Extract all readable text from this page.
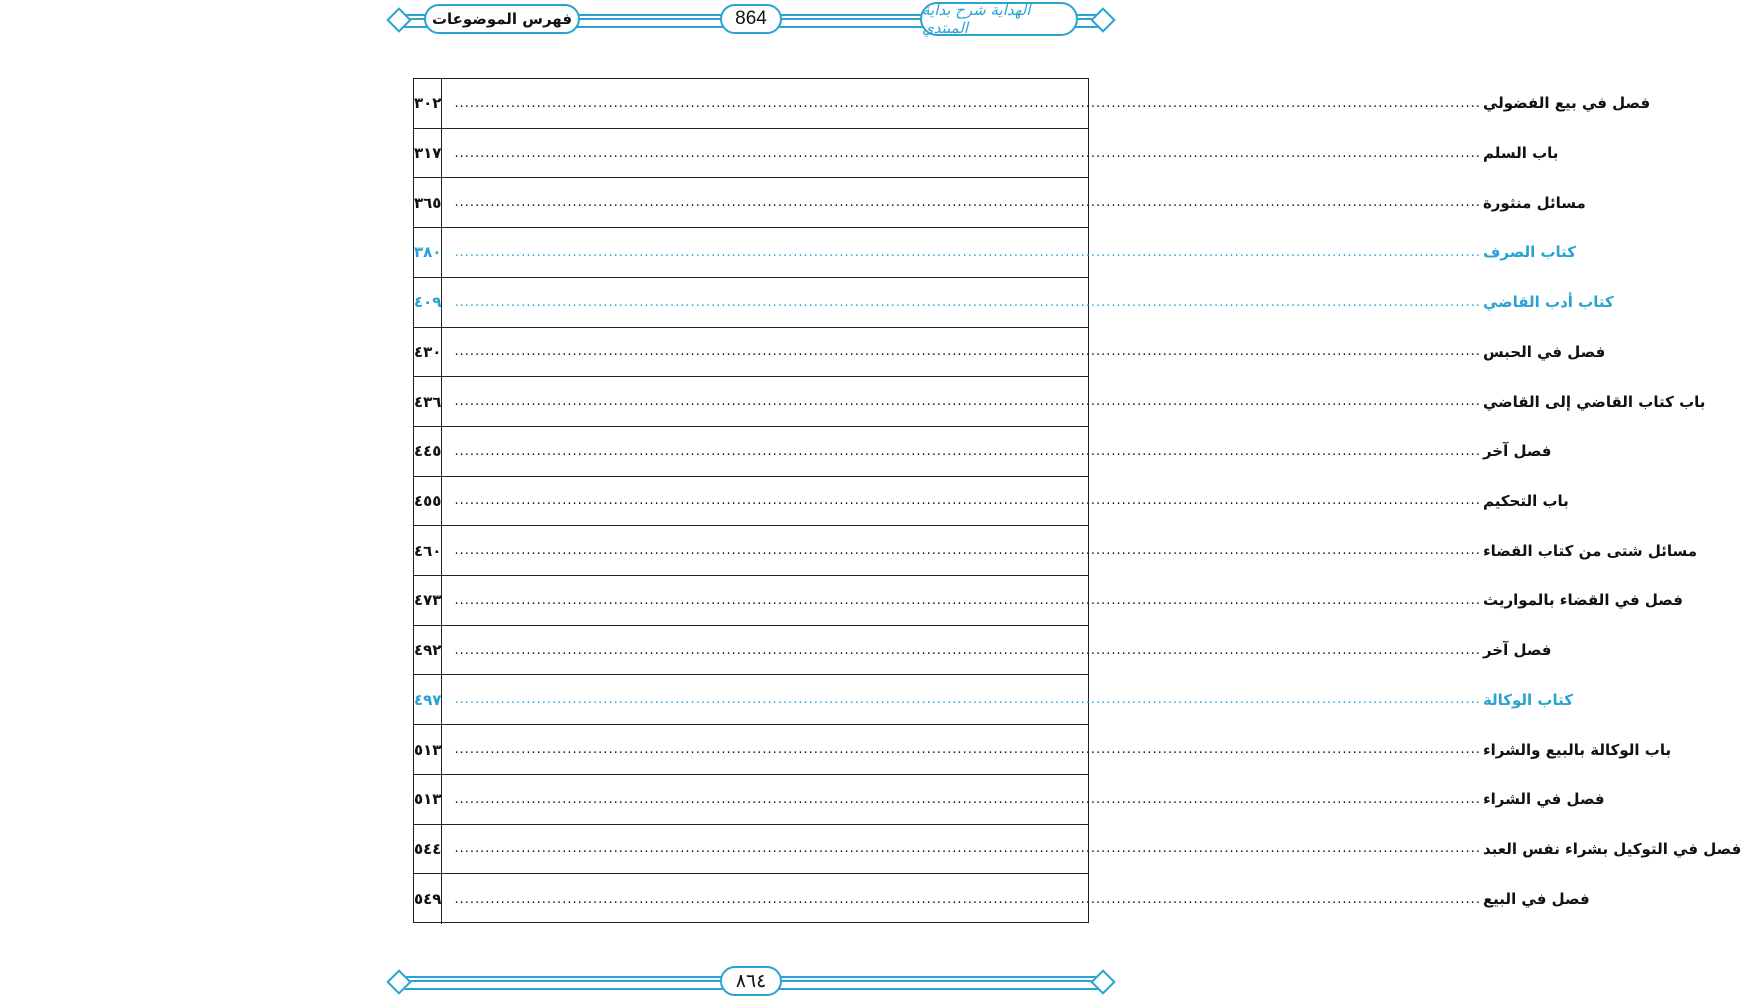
فهرس الموضوعات	864	الهداية شرح بداية المبتدي
٣٠٢	فصل في بيع الفضولي
........................................................................................................................................................................................................
٣١٧	باب السلم
........................................................................................................................................................................................................
٣٦٥	مسائل منثورة
........................................................................................................................................................................................................
٣٨٠	كتاب الصرف
........................................................................................................................................................................................................
٤٠٩	كتاب أدب القاضي
........................................................................................................................................................................................................
٤٣٠	فصل في الحبس
........................................................................................................................................................................................................
٤٣٦	باب كتاب القاضي إلى القاضي
........................................................................................................................................................................................................
٤٤٥	فصل آخر
........................................................................................................................................................................................................
٤٥٥	باب التحكيم
........................................................................................................................................................................................................
٤٦٠	مسائل شتى من كتاب القضاء
........................................................................................................................................................................................................
٤٧٣	فصل في القضاء بالمواريث
........................................................................................................................................................................................................
٤٩٢	فصل آخر
........................................................................................................................................................................................................
٤٩٧	كتاب الوكالة
........................................................................................................................................................................................................
٥١٣	باب الوكالة بالبيع والشراء
........................................................................................................................................................................................................
٥١٣	فصل في الشراء
........................................................................................................................................................................................................
٥٤٤	فصل في التوكيل بشراء نفس العبد
........................................................................................................................................................................................................
٥٤٩	فصل في البيع
........................................................................................................................................................................................................
٨٦٤
